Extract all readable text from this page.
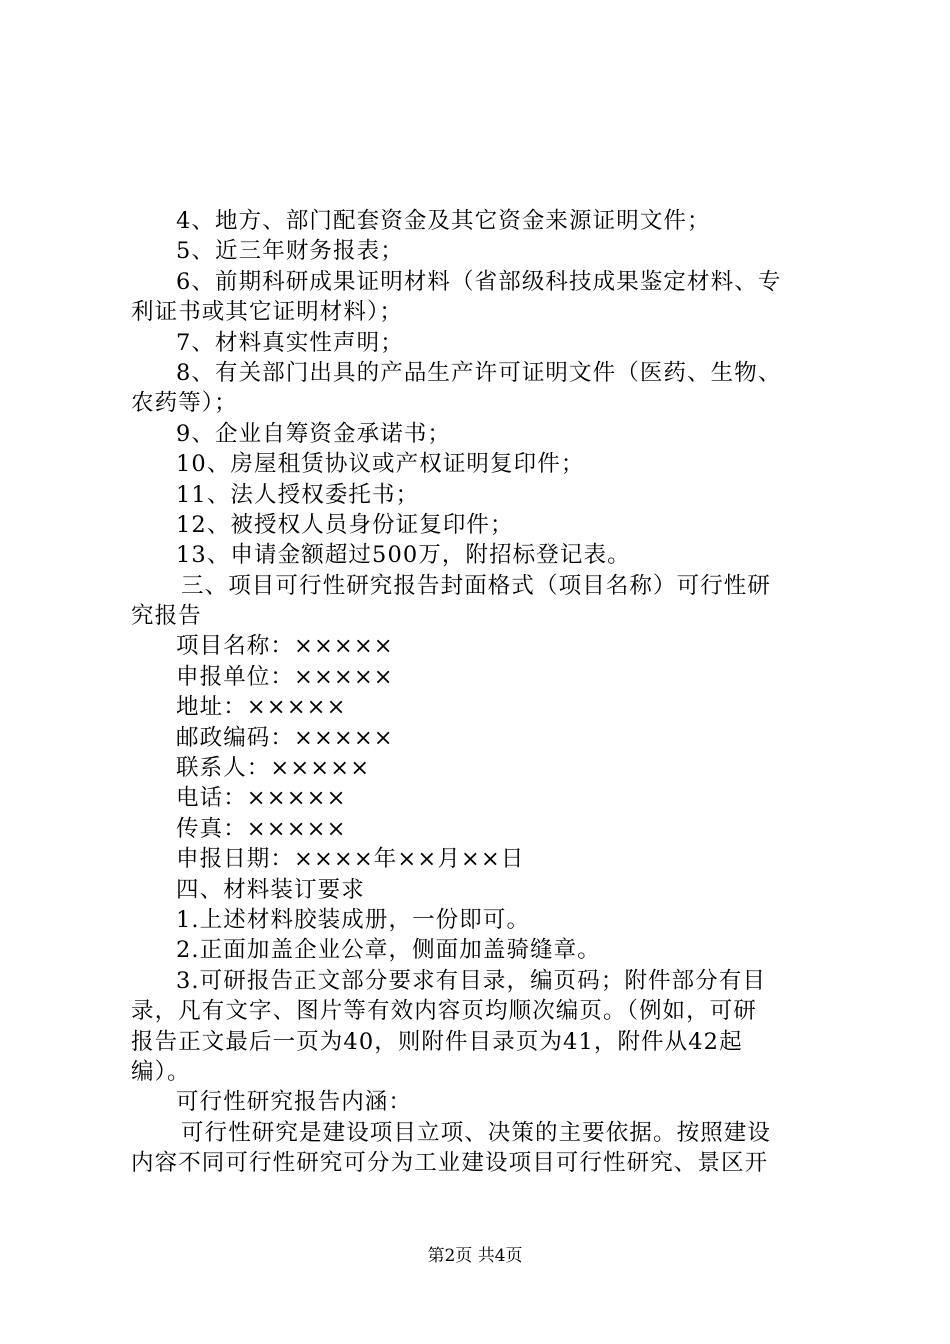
4、地方、部门配套资金及其它资金来源证明文件；
5、近三年财务报表；
6、前期科研成果证明材料（省部级科技成果鉴定材料、专
利证书或其它证明材料）；
7、材料真实性声明；
8、有关部门出具的产品生产许可证明文件（医药、生物、
农药等）；
9、企业自筹资金承诺书；
10、房屋租赁协议或产权证明复印件；
11、法人授权委托书；
12、被授权人员身份证复印件；
13、申请金额超过500万，附招标登记表。
三、项目可行性研究报告封面格式（项目名称）可行性研
究报告
项目名称：×××××
申报单位：×××××
地址：×××××
邮政编码：×××××
联系人：×××××
电话：×××××
传真：×××××
申报日期：××××年××月××日
四、材料装订要求
1.上述材料胶装成册，一份即可。
2.正面加盖企业公章，侧面加盖骑缝章。
3.可研报告正文部分要求有目录，编页码；附件部分有目
录，凡有文字、图片等有效内容页均顺次编页。（例如，可研
报告正文最后一页为40，则附件目录页为41，附件从42起
编）。
可行性研究报告内涵：
可行性研究是建设项目立项、决策的主要依据。按照建设
内容不同可行性研究可分为工业建设项目可行性研究、景区开
第2页 共4页
